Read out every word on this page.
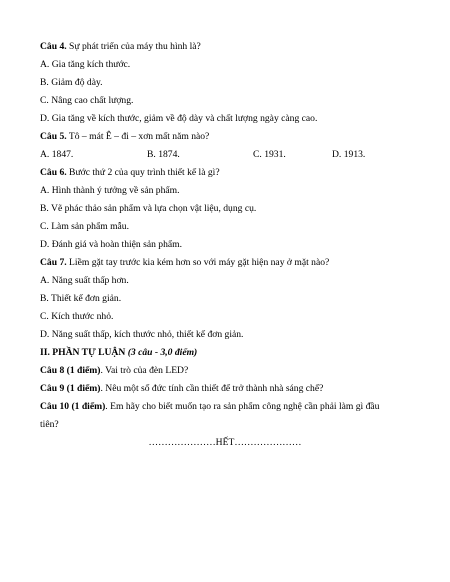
Câu 4. Sự phát triển của máy thu hình là?
A. Gia tăng kích thước.
B. Giảm độ dày.
C. Nâng cao chất lượng.
D. Gia tăng về kích thước, giảm về độ dày và chất lượng ngày càng cao.
Câu 5. Tô – mát Ê – đi – xơn mất năm nào?
A. 1847.	B. 1874.	C. 1931.	D. 1913.
Câu 6. Bước thứ 2 của quy trình thiết kế là gì?
A. Hình thành ý tưởng về sản phẩm.
B. Vẽ phác thảo sản phẩm và lựa chọn vật liệu, dụng cụ.
C. Làm sản phẩm mẫu.
D. Đánh giá và hoàn thiện sản phẩm.
Câu 7. Liềm gặt tay trước kia kém hơn so với máy gặt hiện nay ở mặt nào?
A. Năng suất thấp hơn.
B. Thiết kế đơn giản.
C. Kích thước nhỏ.
D. Năng suất thấp, kích thước nhỏ, thiết kế đơn giản.
II. PHẦN TỰ LUẬN (3 câu - 3,0 điểm)
Câu 8 (1 điểm). Vai trò của đèn LED?
Câu 9 (1 điểm). Nêu một số đức tính cần thiết để trở thành nhà sáng chế?
Câu 10 (1 điểm). Em hãy cho biết muốn tạo ra sản phẩm công nghệ cần phải làm gì đầu
tiên?
…………………HẾT…………………
